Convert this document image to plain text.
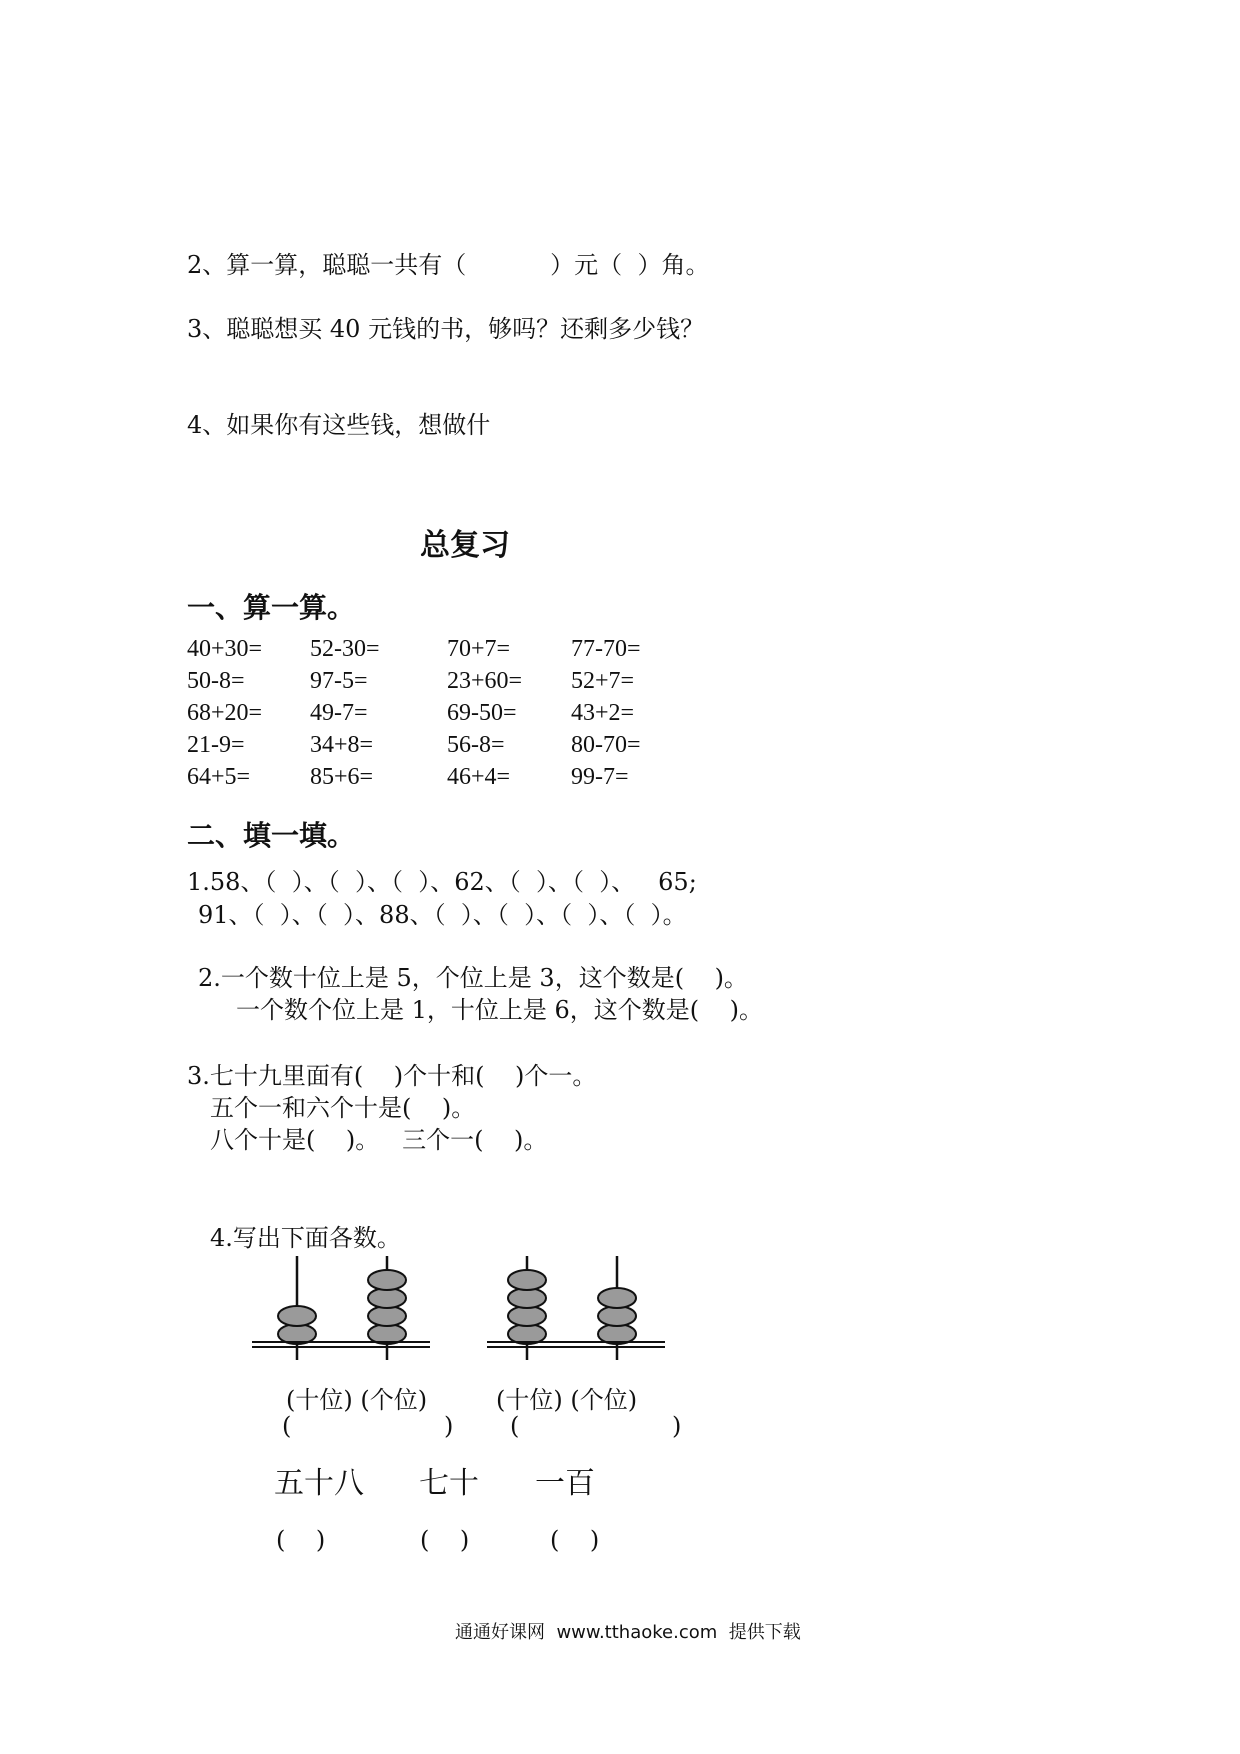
2、算一算，聪聪一共有（           ）元（  ）角。
3、聪聪想买 40 元钱的书，够吗？还剩多少钱？
4、如果你有这些钱，想做什
总复习
一、算一算。
40+30= 52-30=	70+7=	77-70=
50-8=	97-5=	23+60= 52+7=
68+20= 49-7=	69-50= 43+2=
21-9=	34+8=	56-8=	80-70=
64+5= 85+6=	46+4=	99-7=
二、填一填。
1.58、（  ）、（  ）、（  ）、62、（  ）、（  ）、   65;
91、（  ）、（  ）、88、（  ）、（  ）、（  ）、（  ）。
2.一个数十位上是 5，个位上是 3，这个数是(    )。
一个数个位上是 1，十位上是 6，这个数是(    )。
3.七十九里面有(    )个十和(    )个一。
五个一和六个十是(    )。
八个十是(    )。   三个一(    )。
4.写出下面各数。
(十位) (个位)
(                    )
(十位) (个位)
(                    )
五十八 七十 一百
(    )	(    )	(    )
通通好课网  www.tthaoke.com  提供下载
